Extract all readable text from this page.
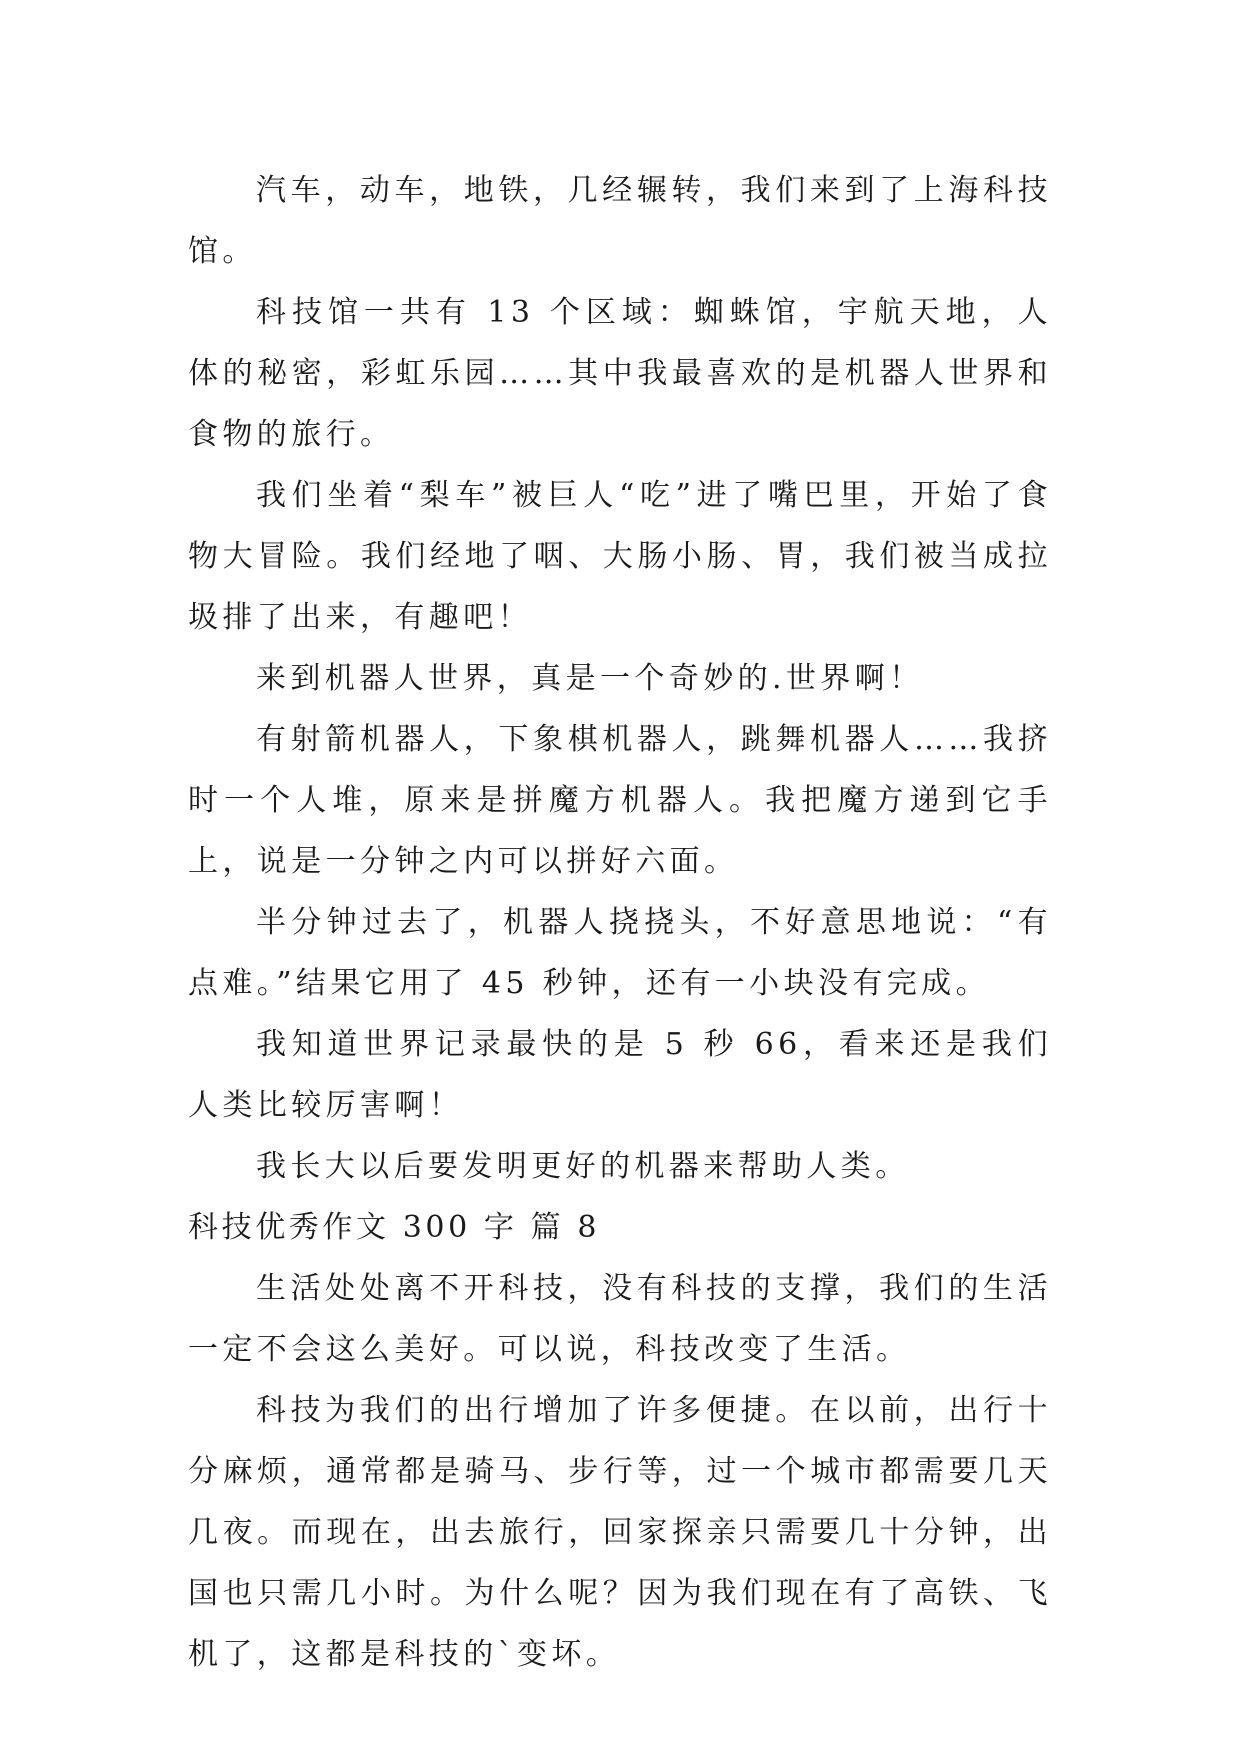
汽车，动车，地铁，几经辗转，我们来到了上海科技馆。

科技馆一共有 13 个区域：蜘蛛馆，宇航天地，人体的秘密，彩虹乐园……其中我最喜欢的是机器人世界和食物的旅行。

我们坐着“梨车”被巨人“吃”进了嘴巴里，开始了食物大冒险。我们经地了咽、大肠小肠、胃，我们被当成拉圾排了出来，有趣吧！

来到机器人世界，真是一个奇妙的.世界啊！

有射箭机器人，下象棋机器人，跳舞机器人……我挤时一个人堆，原来是拼魔方机器人。我把魔方递到它手上，说是一分钟之内可以拼好六面。

半分钟过去了，机器人挠挠头，不好意思地说：“有点难。”结果它用了 45 秒钟，还有一小块没有完成。

我知道世界记录最快的是 5 秒 66，看来还是我们人类比较厉害啊！

我长大以后要发明更好的机器来帮助人类。

科技优秀作文 300 字 篇 8

生活处处离不开科技，没有科技的支撑，我们的生活一定不会这么美好。可以说，科技改变了生活。

科技为我们的出行增加了许多便捷。在以前，出行十分麻烦，通常都是骑马、步行等，过一个城市都需要几天几夜。而现在，出去旅行，回家探亲只需要几十分钟，出国也只需几小时。为什么呢？因为我们现在有了高铁、飞机了，这都是科技的`变坏。
